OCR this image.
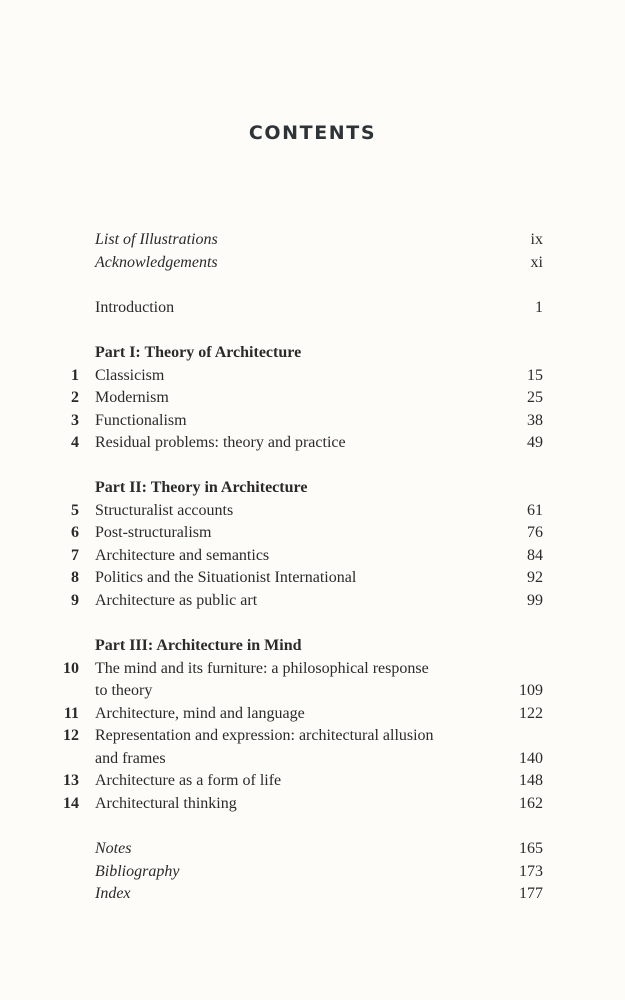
CONTENTS
List of Illustrations	ix
Acknowledgements	xi
Introduction	1
Part I: Theory of Architecture
1 Classicism	15
2 Modernism	25
3 Functionalism	38
4 Residual problems: theory and practice	49
Part II: Theory in Architecture
5 Structuralist accounts	61
6 Post-structuralism	76
7 Architecture and semantics	84
8 Politics and the Situationist International	92
9 Architecture as public art	99
Part III: Architecture in Mind
10 The mind and its furniture: a philosophical response
to theory	109
11 Architecture, mind and language	122
12 Representation and expression: architectural allusion
and frames	140
13 Architecture as a form of life	148
14 Architectural thinking	162
Notes	165
Bibliography	173
Index	177
